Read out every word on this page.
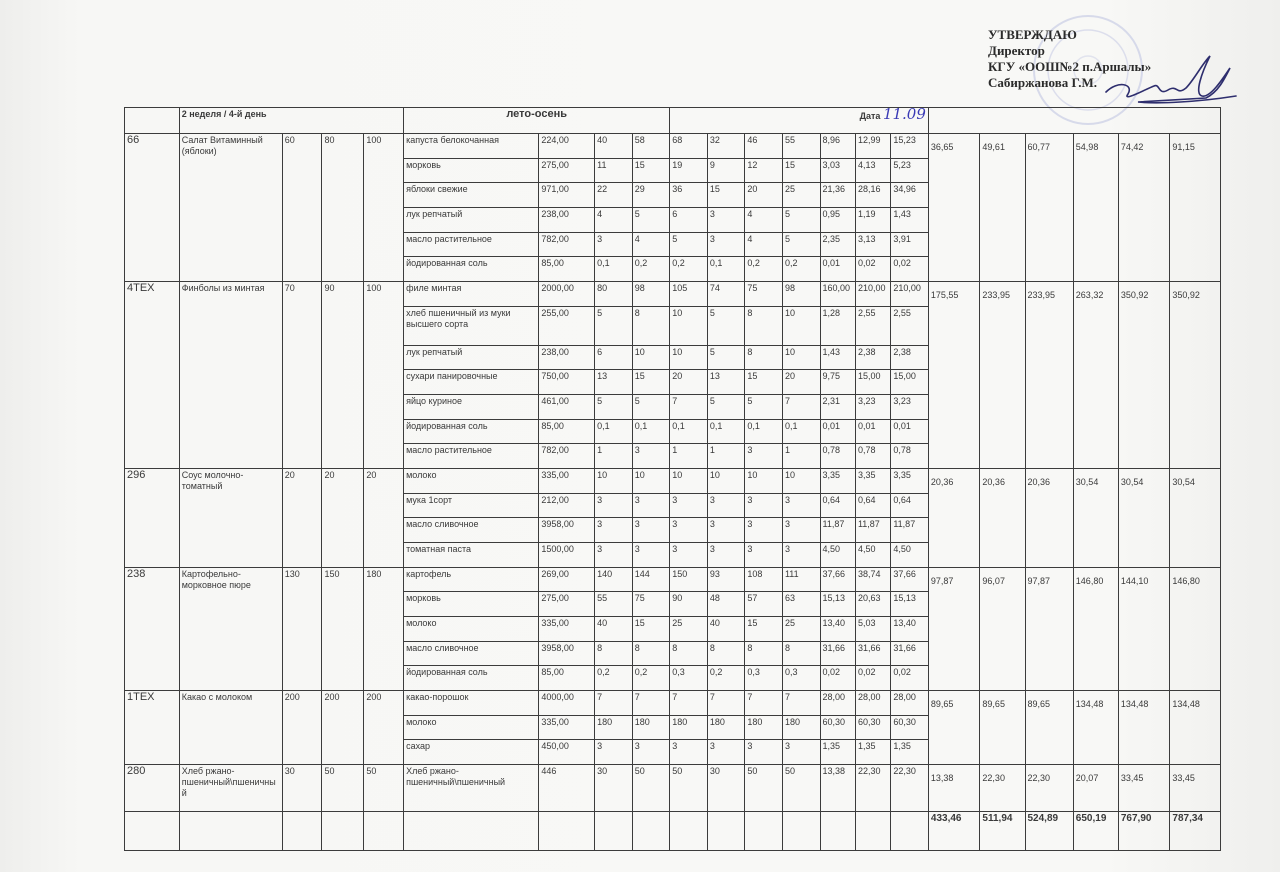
УТВЕРЖДАЮ
Директор
КГУ «ООШ№2 п.Аршалы»
Сабиржанова Г.М.
	2 неделя / 4-й день				лето-осень				Дата 11.09												
66	Салат Витаминный (яблоки)	60	80	100	капуста белокочанная	224,00	40	58	68	32	46	55	8,96	12,99	15,23	36,65	49,61	60,77	54,98	74,42	91,15
					морковь	275,00	11	15	19	9	12	15	3,03	4,13	5,23						
					яблоки свежие	971,00	22	29	36	15	20	25	21,36	28,16	34,96						
					лук репчатый	238,00	4	5	6	3	4	5	0,95	1,19	1,43						
					масло растительное	782,00	3	4	5	3	4	5	2,35	3,13	3,91						
					йодированная соль	85,00	0,1	0,2	0,2	0,1	0,2	0,2	0,01	0,02	0,02						
4ТЕХ	Финболы из минтая	70	90	100	филе минтая	2000,00	80	98	105	74	75	98	160,00	210,00	210,00	175,55	233,95	233,95	263,32	350,92	350,92
					хлеб пшеничный из муки высшего сорта	255,00	5	8	10	5	8	10	1,28	2,55	2,55						
					лук репчатый	238,00	6	10	10	5	8	10	1,43	2,38	2,38						
					сухари панировочные	750,00	13	15	20	13	15	20	9,75	15,00	15,00						
					яйцо куриное	461,00	5	5	7	5	5	7	2,31	3,23	3,23						
					йодированная соль	85,00	0,1	0,1	0,1	0,1	0,1	0,1	0,01	0,01	0,01						
					масло растительное	782,00	1	3	1	1	3	1	0,78	0,78	0,78						
296	Соус молочно-томатный	20	20	20	молоко	335,00	10	10	10	10	10	10	3,35	3,35	3,35	20,36	20,36	20,36	30,54	30,54	30,54
					мука 1сорт	212,00	3	3	3	3	3	3	0,64	0,64	0,64						
					масло сливочное	3958,00	3	3	3	3	3	3	11,87	11,87	11,87						
					томатная паста	1500,00	3	3	3	3	3	3	4,50	4,50	4,50						
238	Картофельно-морковное пюре	130	150	180	картофель	269,00	140	144	150	93	108	111	37,66	38,74	37,66	97,87	96,07	97,87	146,80	144,10	146,80
					морковь	275,00	55	75	90	48	57	63	15,13	20,63	15,13						
					молоко	335,00	40	15	25	40	15	25	13,40	5,03	13,40						
					масло сливочное	3958,00	8	8	8	8	8	8	31,66	31,66	31,66						
					йодированная соль	85,00	0,2	0,2	0,3	0,2	0,3	0,3	0,02	0,02	0,02						
1ТЕХ	Какао с молоком	200	200	200	какао-порошок	4000,00	7	7	7	7	7	7	28,00	28,00	28,00	89,65	89,65	89,65	134,48	134,48	134,48
					молоко	335,00	180	180	180	180	180	180	60,30	60,30	60,30						
					сахар	450,00	3	3	3	3	3	3	1,35	1,35	1,35						
280	Хлеб ржано-пшеничный\пшеничный	30	50	50	Хлеб ржано-пшеничный\пшеничный	446	30	50	50	30	50	50	13,38	22,30	22,30	13,38	22,30	22,30	20,07	33,45	33,45
																433,46	511,94	524,89	650,19	767,90	787,34
